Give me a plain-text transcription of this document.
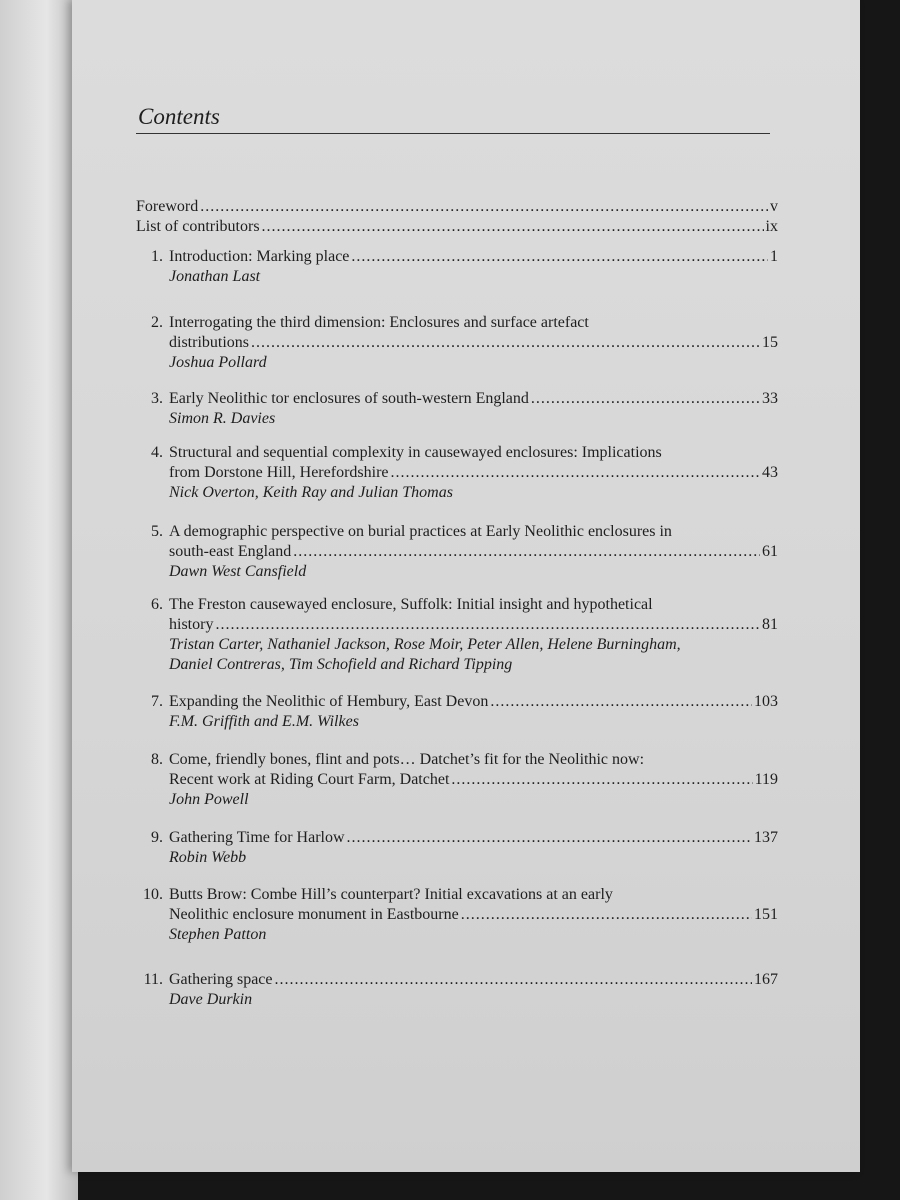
Contents
Foreword .....	v
List of contributors .....	ix
1. Introduction: Marking place .....	1
Jonathan Last
2. Interrogating the third dimension: Enclosures and surface artefact
distributions .....	15
Joshua Pollard
3. Early Neolithic tor enclosures of south-western England .....	33
Simon R. Davies
4. Structural and sequential complexity in causewayed enclosures: Implications
from Dorstone Hill, Herefordshire .....	43
Nick Overton, Keith Ray and Julian Thomas
5. A demographic perspective on burial practices at Early Neolithic enclosures in
south-east England .....	61
Dawn West Cansfield
6. The Freston causewayed enclosure, Suffolk: Initial insight and hypothetical
history .....	81
Tristan Carter, Nathaniel Jackson, Rose Moir, Peter Allen, Helene Burningham,
Daniel Contreras, Tim Schofield and Richard Tipping
7. Expanding the Neolithic of Hembury, East Devon .....	103
F.M. Griffith and E.M. Wilkes
8. Come, friendly bones, flint and pots… Datchet’s fit for the Neolithic now:
Recent work at Riding Court Farm, Datchet .....	119
John Powell
9. Gathering Time for Harlow .....	137
Robin Webb
10. Butts Brow: Combe Hill’s counterpart? Initial excavations at an early
Neolithic enclosure monument in Eastbourne .....	151
Stephen Patton
11. Gathering space .....	167
Dave Durkin
